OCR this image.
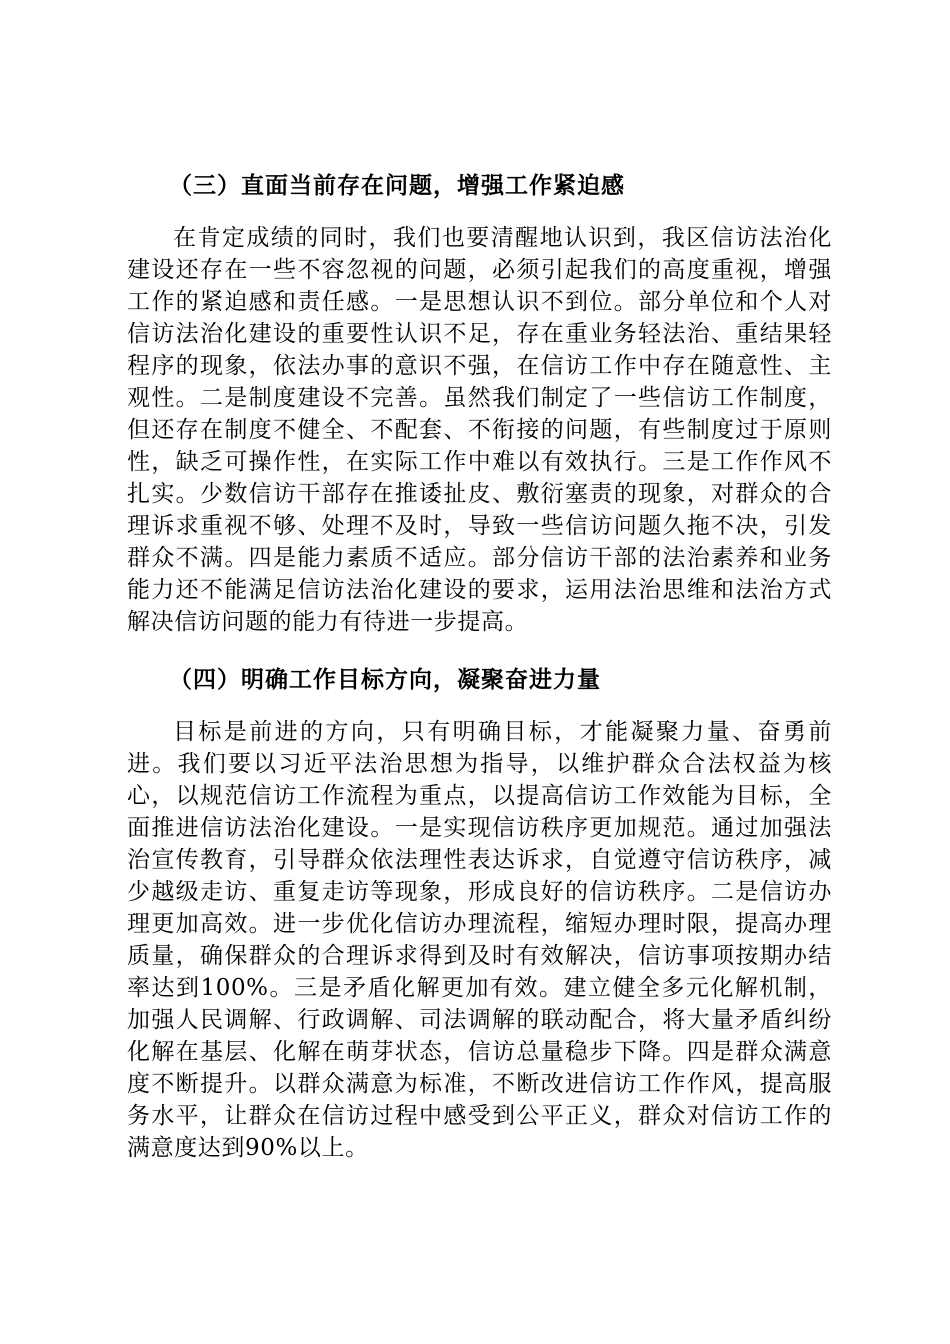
（三）直面当前存在问题，增强工作紧迫感

在肯定成绩的同时，我们也要清醒地认识到，我区信访法治化建设还存在一些不容忽视的问题，必须引起我们的高度重视，增强工作的紧迫感和责任感。一是思想认识不到位。部分单位和个人对信访法治化建设的重要性认识不足，存在重业务轻法治、重结果轻程序的现象，依法办事的意识不强，在信访工作中存在随意性、主观性。二是制度建设不完善。虽然我们制定了一些信访工作制度，但还存在制度不健全、不配套、不衔接的问题，有些制度过于原则性，缺乏可操作性，在实际工作中难以有效执行。三是工作作风不扎实。少数信访干部存在推诿扯皮、敷衍塞责的现象，对群众的合理诉求重视不够、处理不及时，导致一些信访问题久拖不决，引发群众不满。四是能力素质不适应。部分信访干部的法治素养和业务能力还不能满足信访法治化建设的要求，运用法治思维和法治方式解决信访问题的能力有待进一步提高。

（四）明确工作目标方向，凝聚奋进力量

目标是前进的方向，只有明确目标，才能凝聚力量、奋勇前进。我们要以习近平法治思想为指导，以维护群众合法权益为核心，以规范信访工作流程为重点，以提高信访工作效能为目标，全面推进信访法治化建设。一是实现信访秩序更加规范。通过加强法治宣传教育，引导群众依法理性表达诉求，自觉遵守信访秩序，减少越级走访、重复走访等现象，形成良好的信访秩序。二是信访办理更加高效。进一步优化信访办理流程，缩短办理时限，提高办理质量，确保群众的合理诉求得到及时有效解决，信访事项按期办结率达到100%。三是矛盾化解更加有效。建立健全多元化解机制，加强人民调解、行政调解、司法调解的联动配合，将大量矛盾纠纷化解在基层、化解在萌芽状态，信访总量稳步下降。四是群众满意度不断提升。以群众满意为标准，不断改进信访工作作风，提高服务水平，让群众在信访过程中感受到公平正义，群众对信访工作的满意度达到90%以上。
